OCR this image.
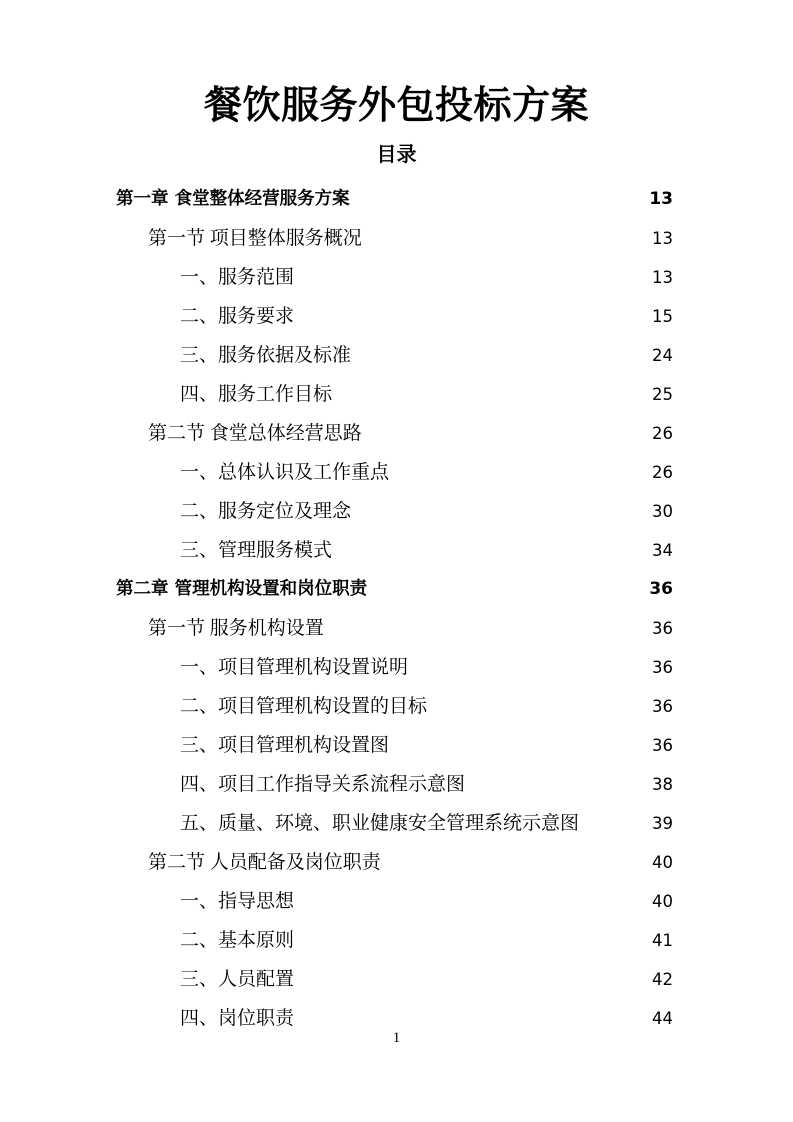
餐饮服务外包投标方案
目录
第一章 食堂整体经营服务方案 .....	13
第一节 项目整体服务概况 .....	13
一、服务范围 .....	13
二、服务要求 .....	15
三、服务依据及标准 .....	24
四、服务工作目标 .....	25
第二节 食堂总体经营思路 .....	26
一、总体认识及工作重点 .....	26
二、服务定位及理念 .....	30
三、管理服务模式 .....	34
第二章 管理机构设置和岗位职责 .....	36
第一节 服务机构设置 .....	36
一、项目管理机构设置说明 .....	36
二、项目管理机构设置的目标 .....	36
三、项目管理机构设置图 .....	36
四、项目工作指导关系流程示意图 .....	38
五、质量、环境、职业健康安全管理系统示意图 .....	39
第二节 人员配备及岗位职责 .....	40
一、指导思想 .....	40
二、基本原则 .....	41
三、人员配置 .....	42
四、岗位职责 .....	44
1
